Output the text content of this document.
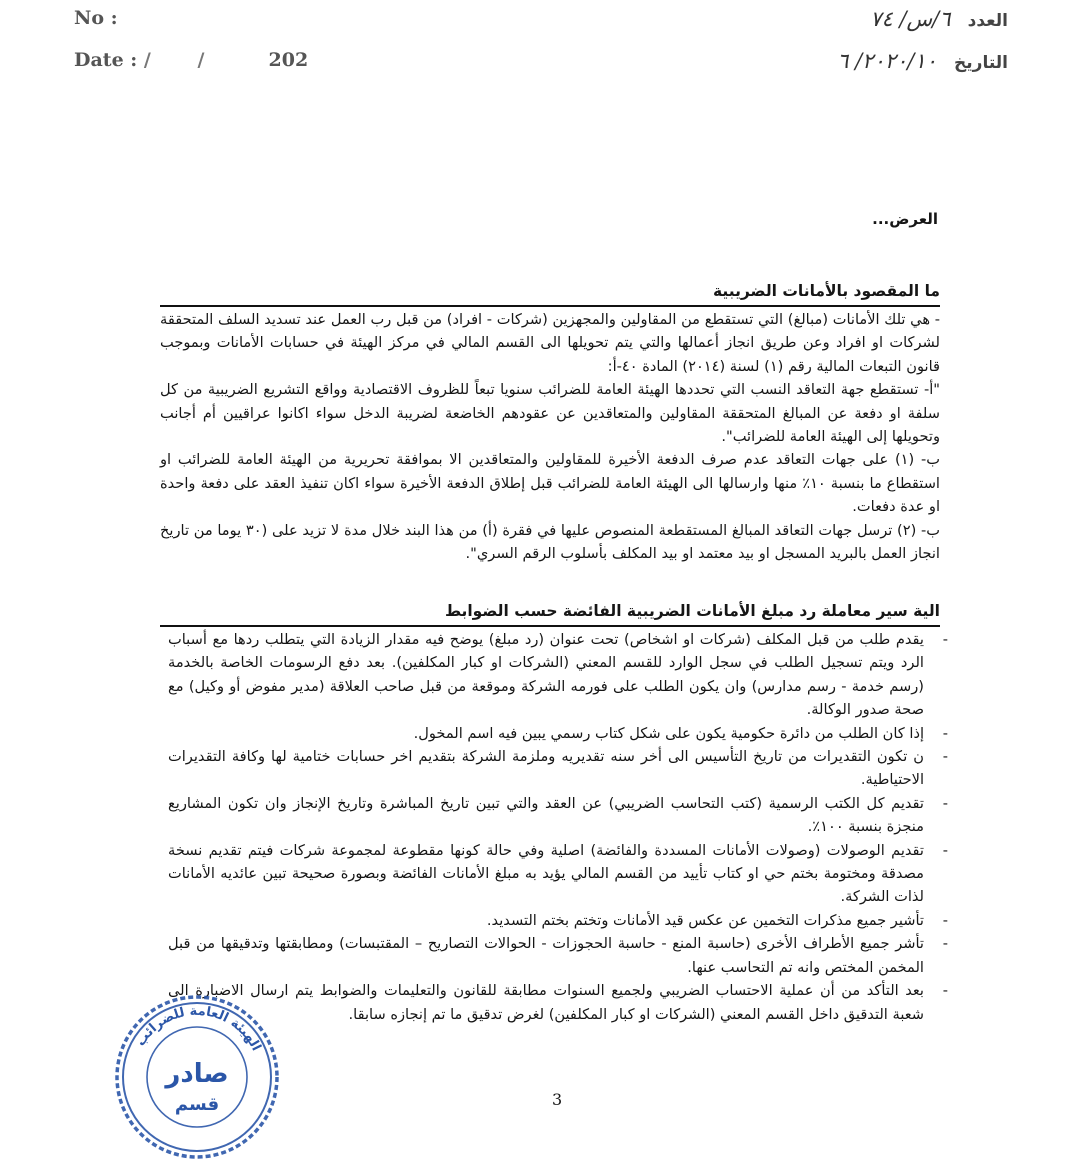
No :
Date : / / 202
العدد ٦/س/ ٧٤
التاريخ ٢٠٢٠/١٠/ ٦
العرض...
ما المقصود بالأمانات الضريبية

- هي تلك الأمانات (مبالغ) التي تستقطع من المقاولين والمجهزين (شركات - افراد) من قبل رب العمل عند تسديد السلف المتحققة لشركات او افراد وعن طريق انجاز أعمالها والتي يتم تحويلها الى القسم المالي في مركز الهيئة في حسابات الأمانات وبموجب قانون التبعات المالية رقم (١) لسنة (٢٠١٤) المادة ٤٠-أ:

"أ- تستقطع جهة التعاقد النسب التي تحددها الهيئة العامة للضرائب سنويا تبعاً للظروف الاقتصادية وواقع التشريع الضريبية من كل سلفة او دفعة عن المبالغ المتحققة المقاولين والمتعاقدين عن عقودهم الخاضعة لضريبة الدخل سواء اكانوا عراقيين أم أجانب وتحويلها إلى الهيئة العامة للضرائب".

ب- (١) على جهات التعاقد عدم صرف الدفعة الأخيرة للمقاولين والمتعاقدين الا بموافقة تحريرية من الهيئة العامة للضرائب او استقطاع ما بنسبة ١٠٪ منها وارسالها الى الهيئة العامة للضرائب قبل إطلاق الدفعة الأخيرة سواء اكان تنفيذ العقد على دفعة واحدة او عدة دفعات.

ب- (٢) ترسل جهات التعاقد المبالغ المستقطعة المنصوص عليها في فقرة (أ) من هذا البند خلال مدة لا تزيد على (٣٠ يوما من تاريخ انجاز العمل بالبريد المسجل او بيد معتمد او بيد المكلف بأسلوب الرقم السري".

الية سير معاملة رد مبلغ الأمانات الضريبية الفائضة حسب الضوابط
-
يقدم طلب من قبل المكلف (شركات او اشخاص) تحت عنوان (رد مبلغ) يوضح فيه مقدار الزيادة التي يتطلب ردها مع أسباب الرد ويتم تسجيل الطلب في سجل الوارد للقسم المعني (الشركات او كبار المكلفين). بعد دفع الرسومات الخاصة بالخدمة (رسم خدمة - رسم مدارس) وان يكون الطلب على فورمه الشركة وموقعة من قبل صاحب العلاقة (مدير مفوض أو وكيل) مع صحة صدور الوكالة.
-
إذا كان الطلب من دائرة حكومية يكون على شكل كتاب رسمي يبين فيه اسم المخول.
-
ن تكون التقديرات من تاريخ التأسيس الى أخر سنه تقديريه وملزمة الشركة بتقديم اخر حسابات ختامية لها وكافة التقديرات الاحتياطية.
-
تقديم كل الكتب الرسمية (كتب التحاسب الضريبي) عن العقد والتي تبين تاريخ المباشرة وتاريخ الإنجاز وان تكون المشاريع منجزة بنسبة ١٠٠٪.
-
تقديم الوصولات (وصولات الأمانات المسددة والفائضة) اصلية وفي حالة كونها مقطوعة لمجموعة شركات فيتم تقديم نسخة مصدقة ومختومة بختم حي او كتاب تأييد من القسم المالي يؤيد به مبلغ الأمانات الفائضة وبصورة صحيحة تبين عائديه الأمانات لذات الشركة.
-
تأشير جميع مذكرات التخمين عن عكس قيد الأمانات وتختم بختم التسديد.
-
تأشر جميع الأطراف الأخرى (حاسبة المنع - حاسبة الحجوزات - الحوالات التصاريح – المقتبسات) ومطابقتها وتدقيقها من قبل المخمن المختص وانه تم التحاسب عنها.
-
بعد التأكد من أن عملية الاحتساب الضريبي ولجميع السنوات مطابقة للقانون والتعليمات والضوابط يتم ارسال الاضبارة الى شعبة التدقيق داخل القسم المعني (الشركات او كبار المكلفين) لغرض تدقيق ما تم إنجازه سابقا.
3
الهيئة العامة للضرائب
صادر
قسم
